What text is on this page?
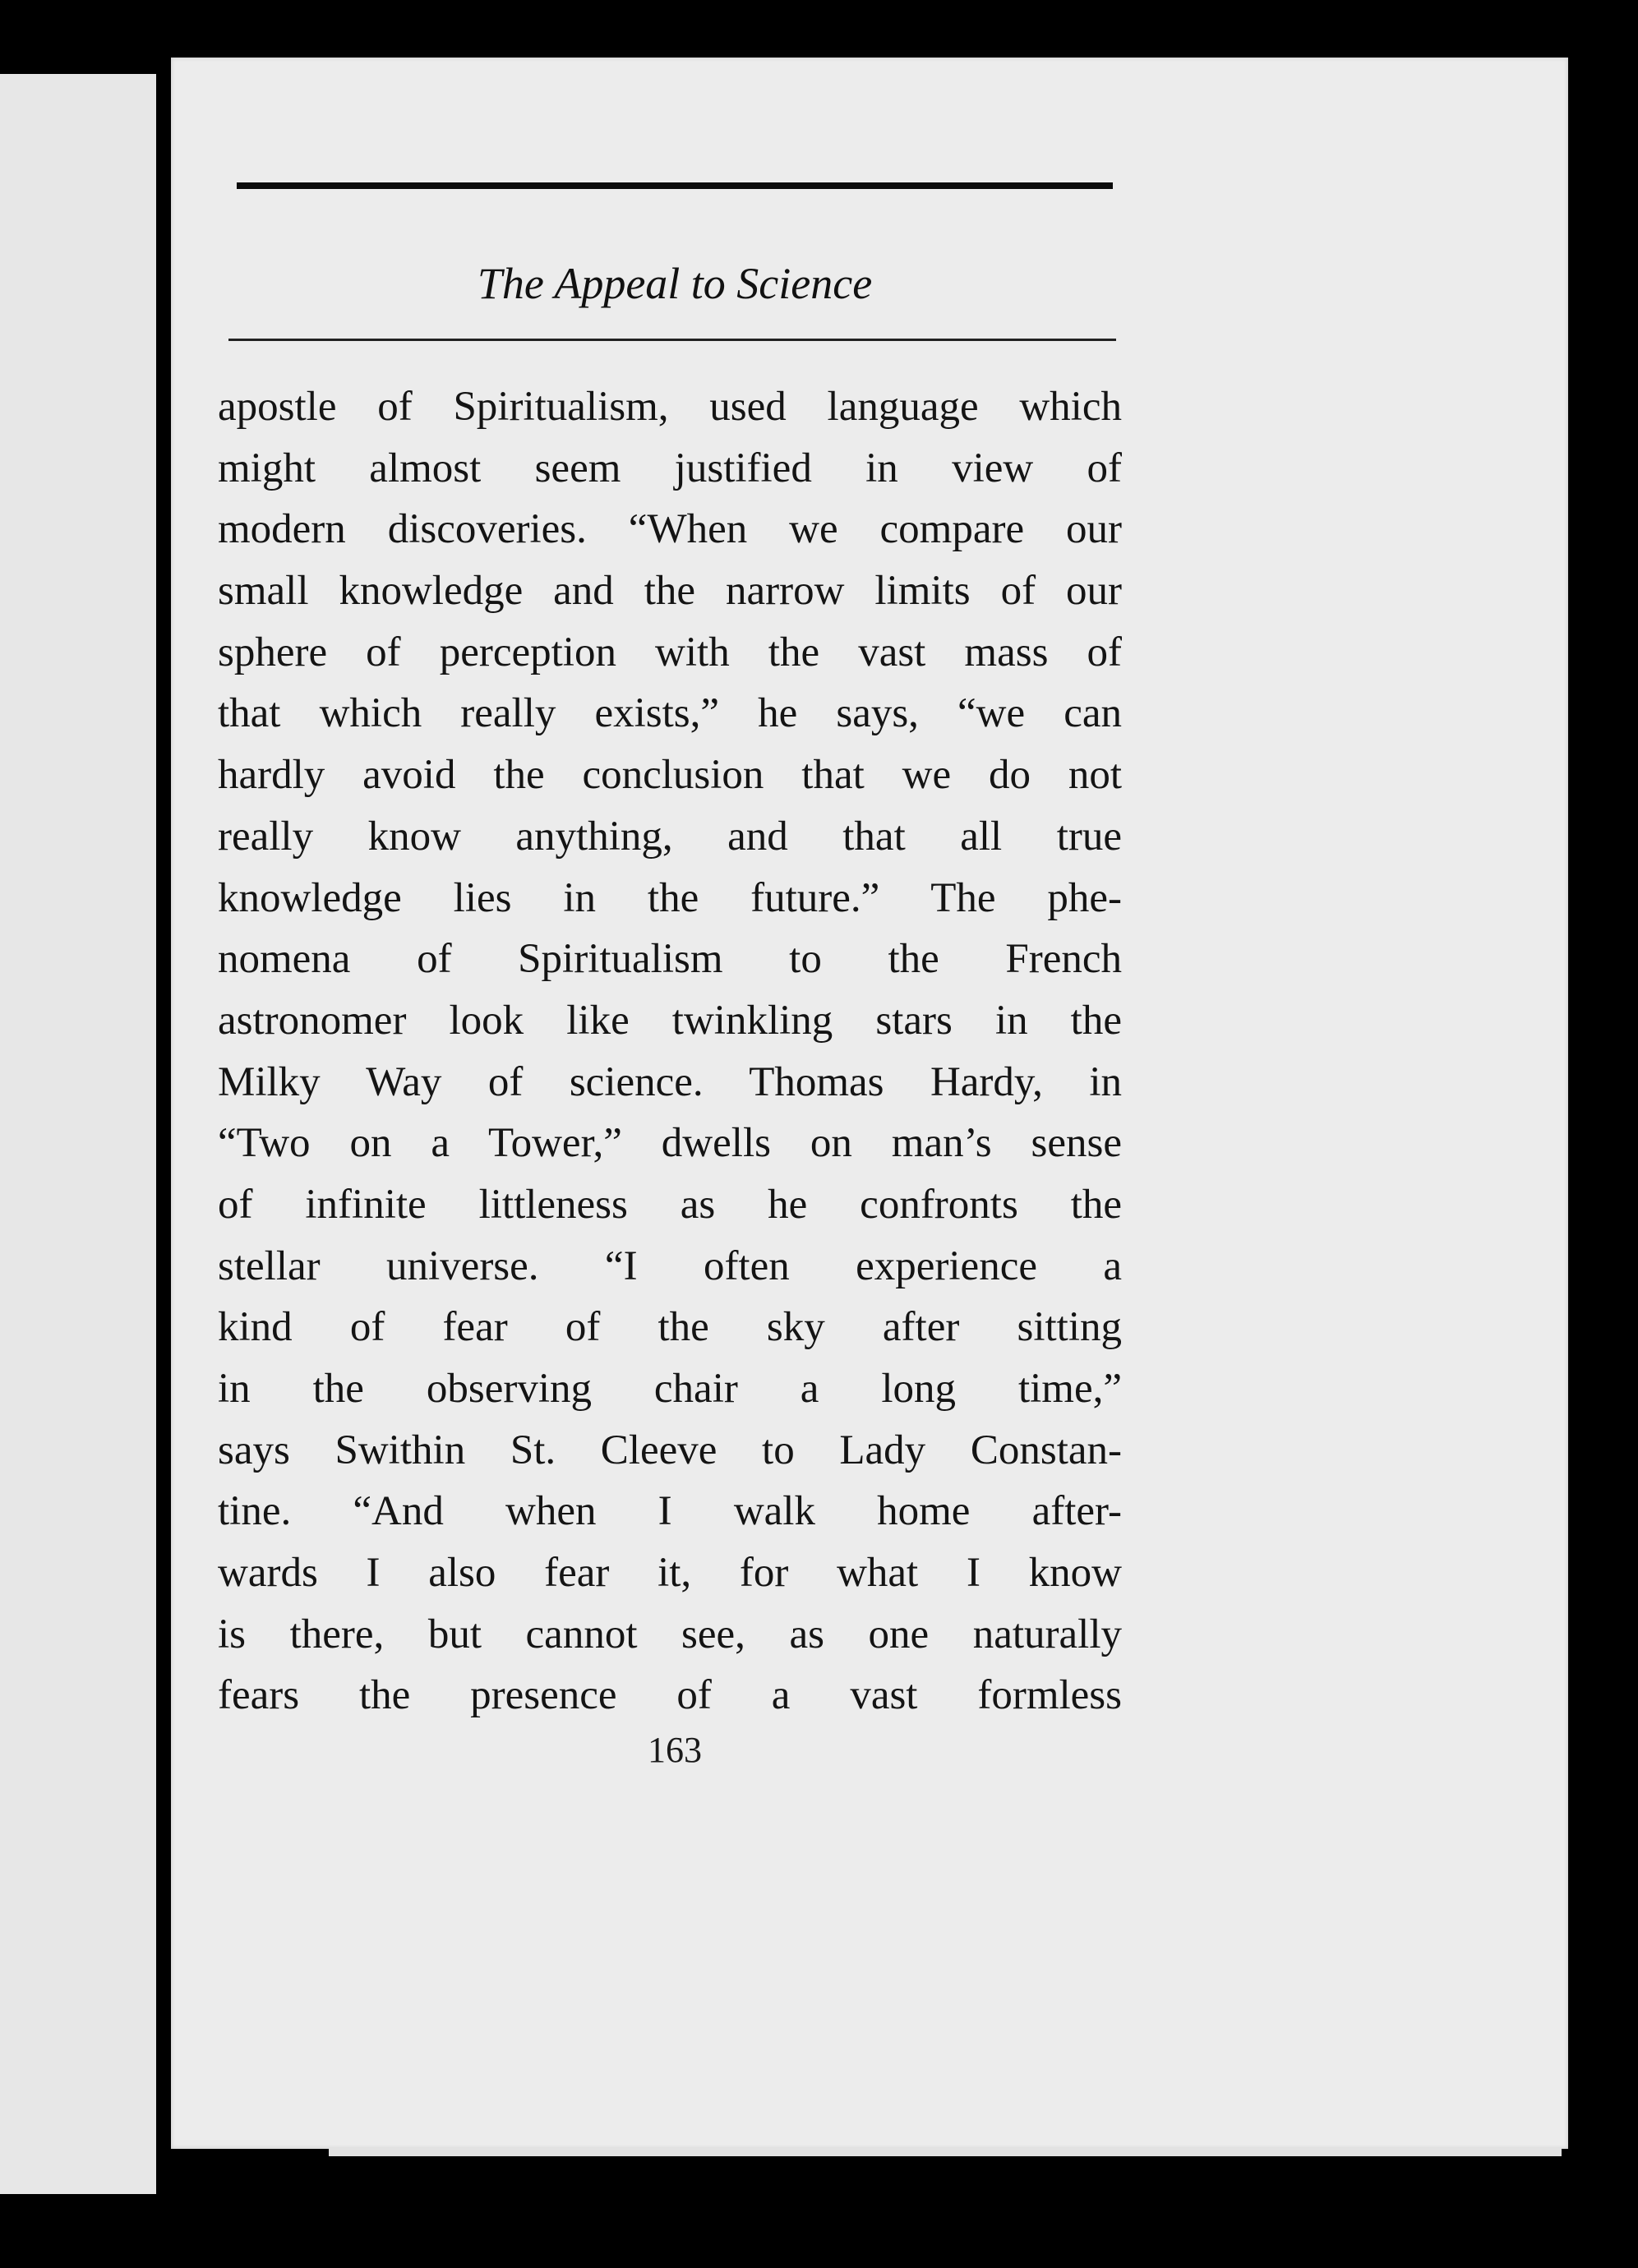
The Appeal to Science
apostle of Spiritualism, used language which
might almost seem justified in view of
modern discoveries. “When we compare our
small knowledge and the narrow limits of our
sphere of perception with the vast mass of
that which really exists,” he says, “we can
hardly avoid the conclusion that we do not
really know anything, and that all true
knowledge lies in the future.” The phe-
nomena of Spiritualism to the French
astronomer look like twinkling stars in the
Milky Way of science. Thomas Hardy, in
“Two on a Tower,” dwells on man’s sense
of infinite littleness as he confronts the
stellar universe. “I often experience a
kind of fear of the sky after sitting
in the observing chair a long time,”
says Swithin St. Cleeve to Lady Constan-
tine. “And when I walk home after-
wards I also fear it, for what I know
is there, but cannot see, as one naturally
fears the presence of a vast formless
163
